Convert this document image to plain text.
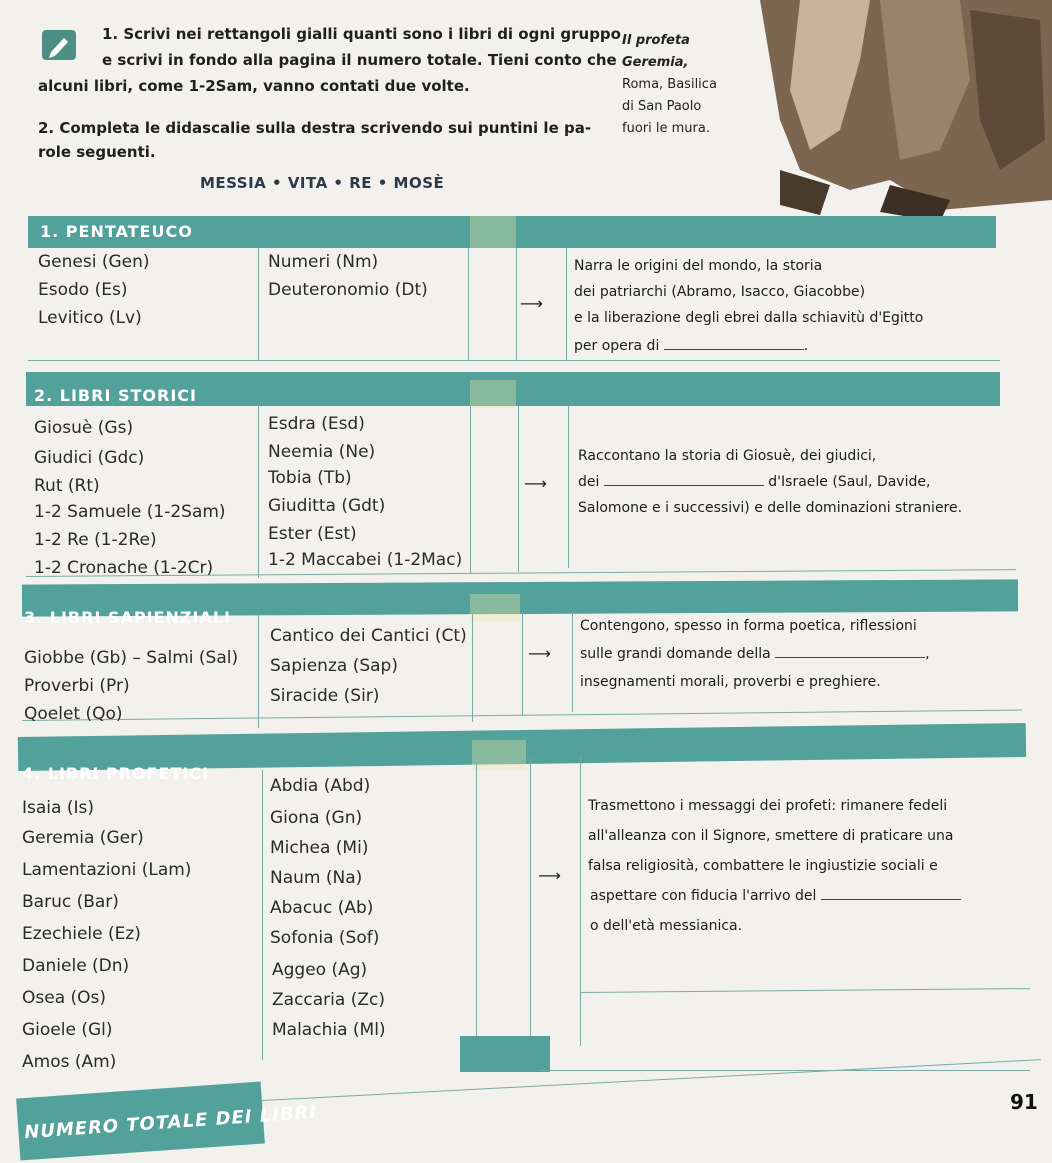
1. Scrivi nei rettangoli gialli quanti sono i libri di ogni gruppo
e scrivi in fondo alla pagina il numero totale. Tieni conto che
alcuni libri, come 1-2Sam, vanno contati due volte.
2. Completa le didascalie sulla destra scrivendo sui puntini le pa-
role seguenti.
MESSIA • VITA • RE • MOSÈ
Il profeta
Geremia,
Roma, Basilica
di San Paolo
fuori le mura.
1. PENTATEUCO
Genesi (Gen)
Esodo (Es)
Levitico (Lv)
Numeri (Nm)
Deuteronomio (Dt)
⟶
Narra le origini del mondo, la storia
dei patriarchi (Abramo, Isacco, Giacobbe)
e la liberazione degli ebrei dalla schiavitù d'Egitto
per opera di	.
2. LIBRI STORICI
Giosuè (Gs)
Giudici (Gdc)
Rut (Rt)
1-2 Samuele (1-2Sam)
1-2 Re (1-2Re)
1-2 Cronache (1-2Cr)
Esdra (Esd)
Neemia (Ne)
Tobia (Tb)
Giuditta (Gdt)
Ester (Est)
1-2 Maccabei (1-2Mac)
⟶
Raccontano la storia di Giosuè, dei giudici,
dei	d'Israele (Saul, Davide,
Salomone e i successivi) e delle dominazioni straniere.
3. LIBRI SAPIENZIALI
Giobbe (Gb) – Salmi (Sal)
Proverbi (Pr)
Qoelet (Qo)
Cantico dei Cantici (Ct)
Sapienza (Sap)
Siracide (Sir)
⟶
Contengono, spesso in forma poetica, riflessioni
sulle grandi domande della	,
insegnamenti morali, proverbi e preghiere.
4. LIBRI PROFETICI
Isaia (Is)
Geremia (Ger)
Lamentazioni (Lam)
Baruc (Bar)
Ezechiele (Ez)
Daniele (Dn)
Osea (Os)
Gioele (Gl)
Amos (Am)
Abdia (Abd)
Giona (Gn)
Michea (Mi)
Naum (Na)
Abacuc (Ab)
Sofonia (Sof)
Aggeo (Ag)
Zaccaria (Zc)
Malachia (Ml)
⟶
Trasmettono i messaggi dei profeti: rimanere fedeli
all'alleanza con il Signore, smettere di praticare una
falsa religiosità, combattere le ingiustizie sociali e
aspettare con fiducia l'arrivo del
o dell'età messianica.
NUMERO TOTALE DEI LIBRI	91
